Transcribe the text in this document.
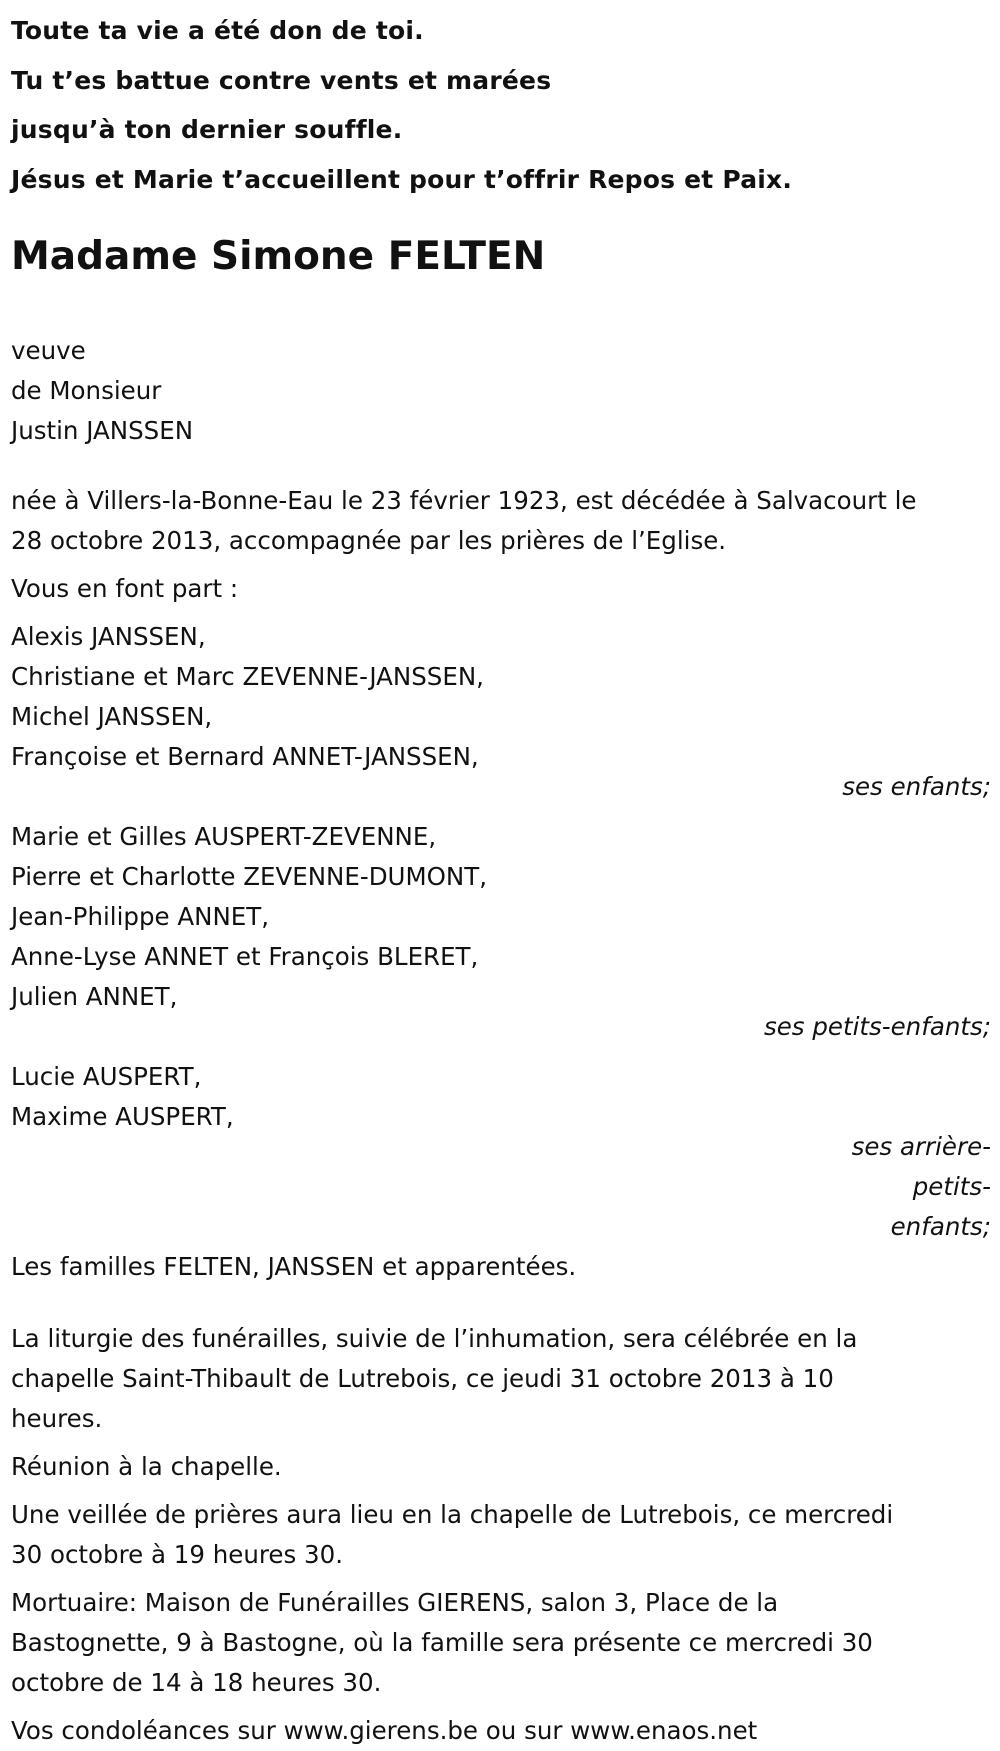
Toute ta vie a été don de toi.
Tu t’es battue contre vents et marées
jusqu’à ton dernier souffle.
Jésus et Marie t’accueillent pour t’offrir Repos et Paix.
Madame Simone FELTEN
veuve
de Monsieur
Justin JANSSEN
née à Villers-la-Bonne-Eau le 23 février 1923, est décédée à Salvacourt le
28 octobre 2013, accompagnée par les prières de l’Eglise.
Vous en font part :
Alexis JANSSEN,
Christiane et Marc ZEVENNE-JANSSEN,
Michel JANSSEN,
Françoise et Bernard ANNET-JANSSEN,
ses enfants;
Marie et Gilles AUSPERT-ZEVENNE,
Pierre et Charlotte ZEVENNE-DUMONT,
Jean-Philippe ANNET,
Anne-Lyse ANNET et François BLERET,
Julien ANNET,
ses petits-enfants;
Lucie AUSPERT,
Maxime AUSPERT,
ses arrière-petits-
enfants;
Les familles FELTEN, JANSSEN et apparentées.
La liturgie des funérailles, suivie de l’inhumation, sera célébrée en la
chapelle Saint-Thibault de Lutrebois, ce jeudi 31 octobre 2013 à 10
heures.
Réunion à la chapelle.
Une veillée de prières aura lieu en la chapelle de Lutrebois, ce mercredi
30 octobre à 19 heures 30.
Mortuaire: Maison de Funérailles GIERENS, salon 3, Place de la
Bastognette, 9 à Bastogne, où la famille sera présente ce mercredi 30
octobre de 14 à 18 heures 30.
Vos condoléances sur www.gierens.be ou sur www.enaos.net
